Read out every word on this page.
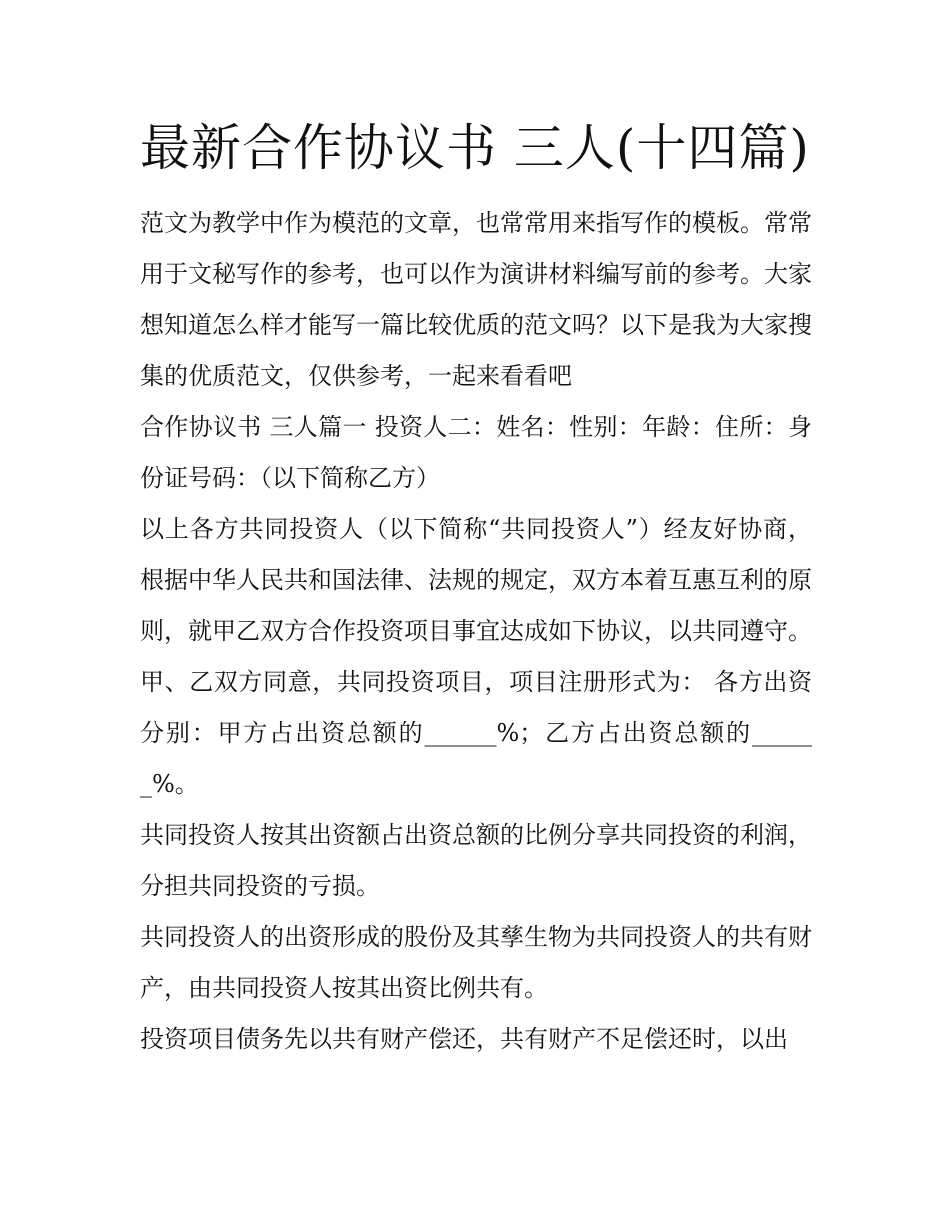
最新合作协议书 三人(十四篇)

范文为教学中作为模范的文章，也常常用来指写作的模板。常常用于文秘写作的参考，也可以作为演讲材料编写前的参考。大家想知道怎么样才能写一篇比较优质的范文吗？以下是我为大家搜集的优质范文，仅供参考，一起来看看吧

合作协议书 三人篇一 投资人二：姓名：性别：年龄：住所：身份证号码：（以下简称乙方）

以上各方共同投资人（以下简称“共同投资人”）经友好协商，根据中华人民共和国法律、法规的规定，双方本着互惠互利的原则，就甲乙双方合作投资项目事宜达成如下协议，以共同遵守。

甲、乙双方同意，共同投资项目，项目注册形式为： 各方出资分别：甲方占出资总额的______%；乙方占出资总额的______%。

共同投资人按其出资额占出资总额的比例分享共同投资的利润，分担共同投资的亏损。

共同投资人的出资形成的股份及其孳生物为共同投资人的共有财产，由共同投资人按其出资比例共有。

投资项目债务先以共有财产偿还，共有财产不足偿还时，以出
